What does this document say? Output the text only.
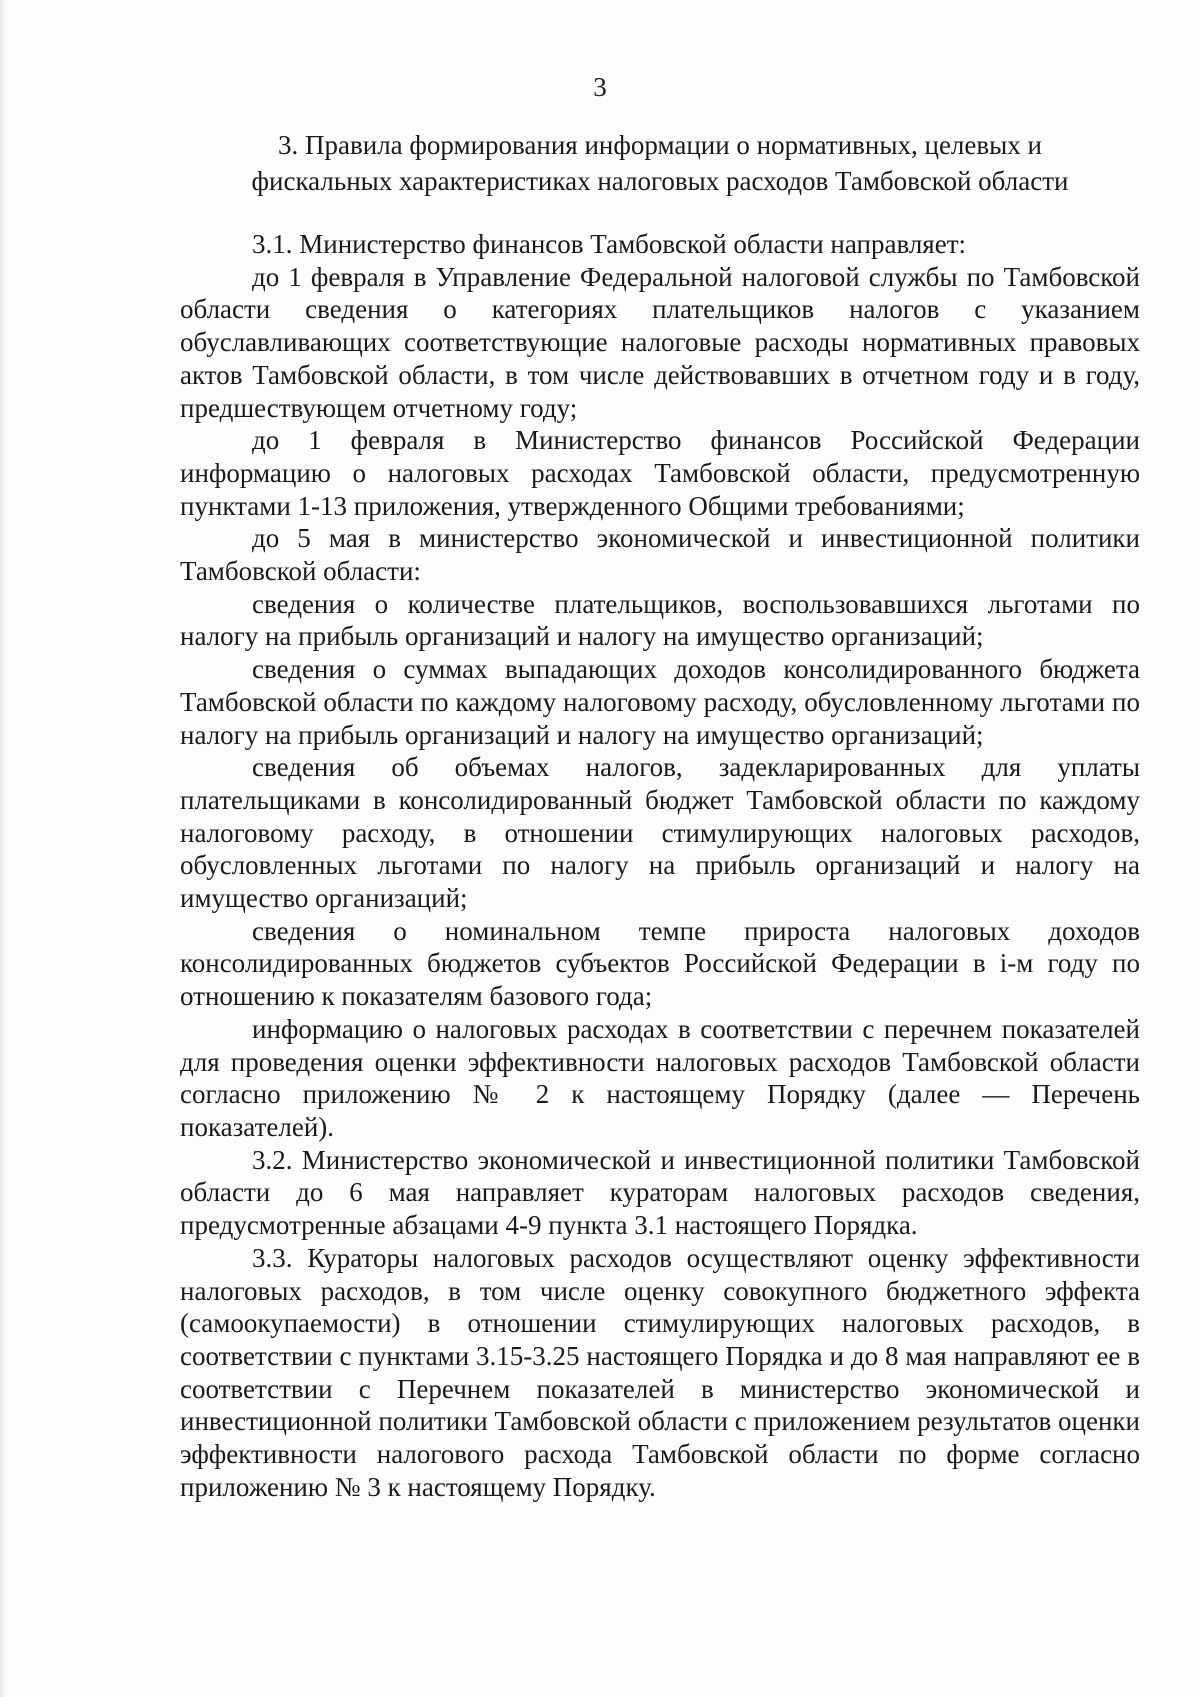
3
3. Правила формирования информации о нормативных, целевых и
фискальных характеристиках налоговых расходов Тамбовской области

3.1. Министерство финансов Тамбовской области направляет:

до 1 февраля в Управление Федеральной налоговой службы по Тамбовской области сведения о категориях плательщиков налогов с указанием обуславливающих соответствующие налоговые расходы нормативных правовых актов Тамбовской области, в том числе действовавших в отчетном году и в году, предшествующем отчетному году;

до 1 февраля в Министерство финансов Российской Федерации информацию о налоговых расходах Тамбовской области, предусмотренную пунктами 1-13 приложения, утвержденного Общими требованиями;

до 5 мая в министерство экономической и инвестиционной политики Тамбовской области:

сведения о количестве плательщиков, воспользовавшихся льготами по налогу на прибыль организаций и налогу на имущество организаций;

сведения о суммах выпадающих доходов консолидированного бюджета Тамбовской области по каждому налоговому расходу, обусловленному льготами по налогу на прибыль организаций и налогу на имущество организаций;

сведения об объемах налогов, задекларированных для уплаты плательщиками в консолидированный бюджет Тамбовской области по каждому налоговому расходу, в отношении стимулирующих налоговых расходов, обусловленных льготами по налогу на прибыль организаций и налогу на имущество организаций;

сведения о номинальном темпе прироста налоговых доходов консолидированных бюджетов субъектов Российской Федерации в i-м году по отношению к показателям базового года;

информацию о налоговых расходах в соответствии с перечнем показателей для проведения оценки эффективности налоговых расходов Тамбовской области согласно приложению № 2 к настоящему Порядку (далее — Перечень показателей).

3.2. Министерство экономической и инвестиционной политики Тамбовской области до 6 мая направляет кураторам налоговых расходов сведения, предусмотренные абзацами 4-9 пункта 3.1 настоящего Порядка.

3.3. Кураторы налоговых расходов осуществляют оценку эффективности налоговых расходов, в том числе оценку совокупного бюджетного эффекта (самоокупаемости) в отношении стимулирующих налоговых расходов, в соответствии с пунктами 3.15-3.25 настоящего Порядка и до 8 мая направляют ее в соответствии с Перечнем показателей в министерство экономической и инвестиционной политики Тамбовской области с приложением результатов оценки эффективности налогового расхода Тамбовской области по форме согласно приложению № 3 к настоящему Порядку.
